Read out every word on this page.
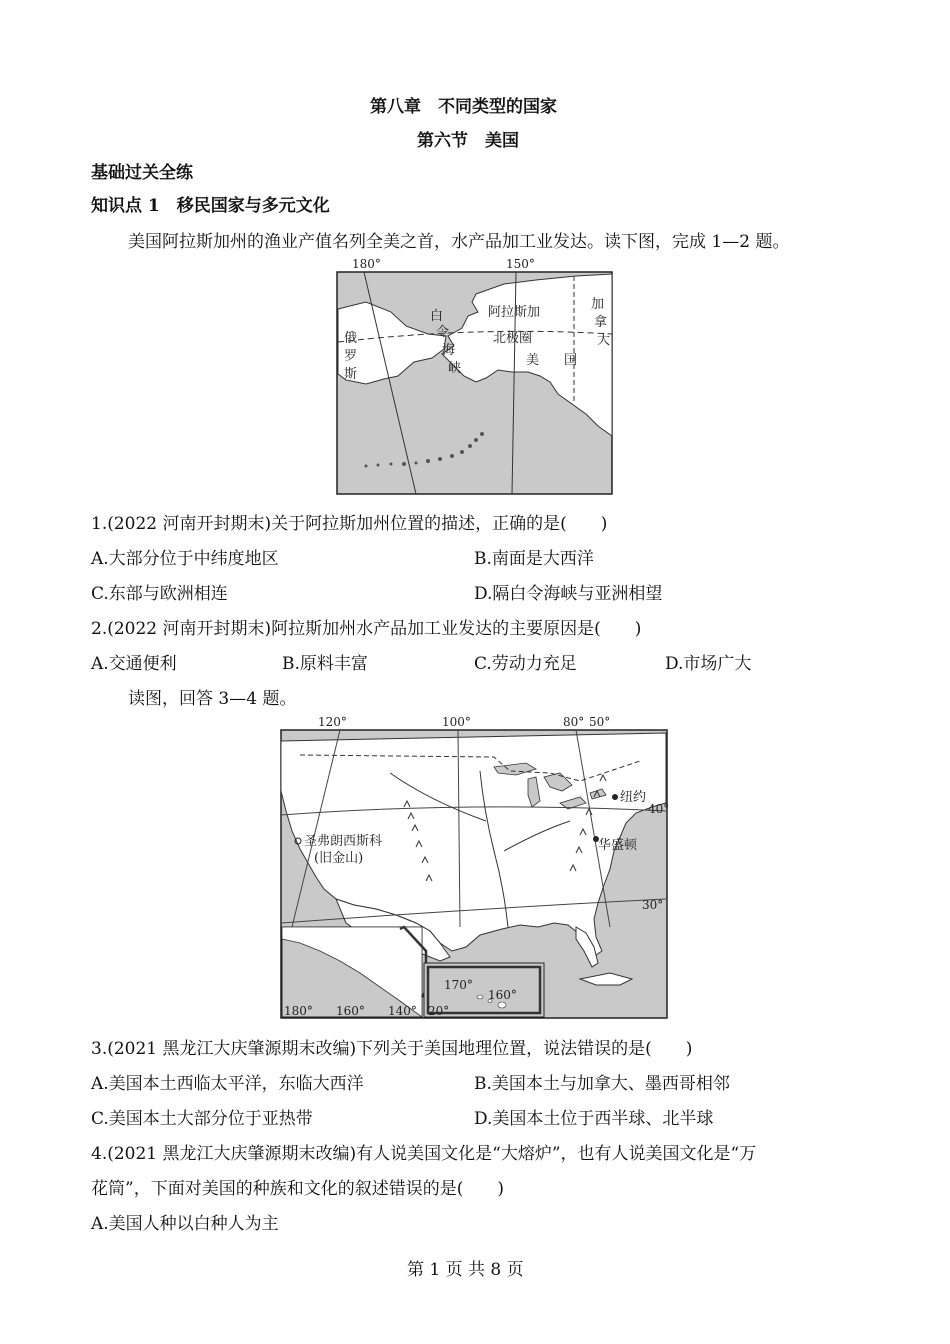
第八章　不同类型的国家
第六节　美国
基础过关全练
知识点 1　移民国家与多元文化
美国阿拉斯加州的渔业产值名列全美之首，水产品加工业发达。读下图，完成 1—2 题。
180°	150°
阿拉斯加
北极圈
美 国
俄
罗
斯
白
令
海
峡
加
拿
大
1.(2022 河南开封期末)关于阿拉斯加州位置的描述，正确的是(　　)
A.大部分位于中纬度地区	B.南面是大西洋
C.东部与欧洲相连	D.隔白令海峡与亚洲相望
2.(2022 河南开封期末)阿拉斯加州水产品加工业发达的主要原因是(　　)
A.交通便利	B.原料丰富	C.劳动力充足	D.市场广大
读图，回答 3—4 题。
120°	100°	80° 50°
40°
30°
圣弗朗西斯科
(旧金山)
纽约
华盛顿
180° 160° 140°
170°
160°
20°
3.(2021 黑龙江大庆肇源期末改编)下列关于美国地理位置，说法错误的是(　　)
A.美国本土西临太平洋，东临大西洋	B.美国本土与加拿大、墨西哥相邻
C.美国本土大部分位于亚热带	D.美国本土位于西半球、北半球
4.(2021 黑龙江大庆肇源期末改编)有人说美国文化是“大熔炉”，也有人说美国文化是“万
花筒”，下面对美国的种族和文化的叙述错误的是(　　)
A.美国人种以白种人为主
第 1 页 共 8 页
